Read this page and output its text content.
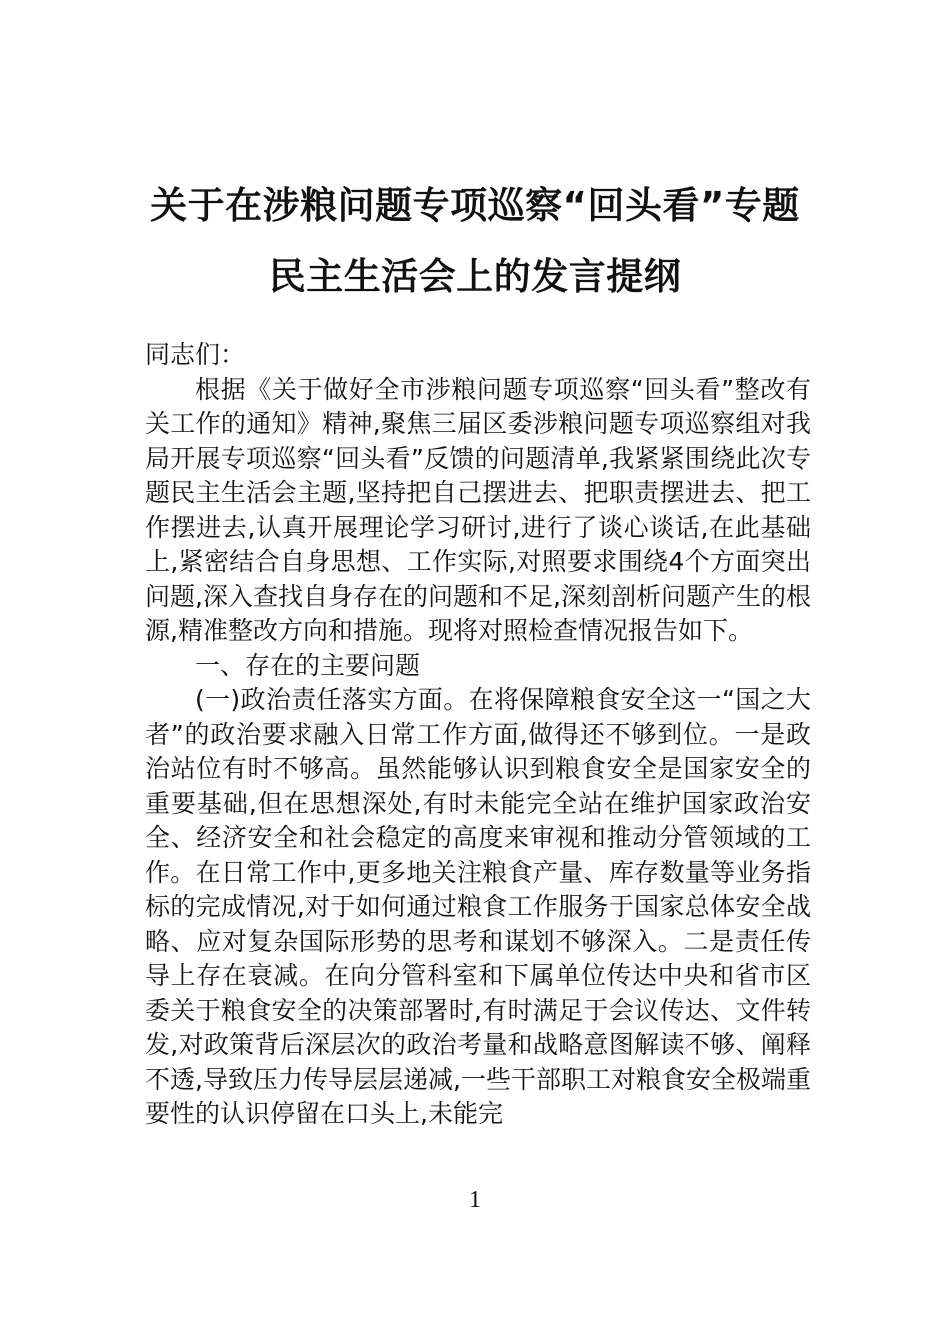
关于在涉粮问题专项巡察“回头看”专题
民主生活会上的发言提纲

同志们：

根据《关于做好全市涉粮问题专项巡察“回头看”整改有关工作的通知》精神,聚焦三届区委涉粮问题专项巡察组对我局开展专项巡察“回头看”反馈的问题清单,我紧紧围绕此次专题民主生活会主题,坚持把自己摆进去、把职责摆进去、把工作摆进去,认真开展理论学习研讨,进行了谈心谈话,在此基础上,紧密结合自身思想、工作实际,对照要求围绕4个方面突出问题,深入查找自身存在的问题和不足,深刻剖析问题产生的根源,精准整改方向和措施。现将对照检查情况报告如下。

一、存在的主要问题

(一)政治责任落实方面。在将保障粮食安全这一“国之大者”的政治要求融入日常工作方面,做得还不够到位。一是政治站位有时不够高。虽然能够认识到粮食安全是国家安全的重要基础,但在思想深处,有时未能完全站在维护国家政治安全、经济安全和社会稳定的高度来审视和推动分管领域的工作。在日常工作中,更多地关注粮食产量、库存数量等业务指标的完成情况,对于如何通过粮食工作服务于国家总体安全战略、应对复杂国际形势的思考和谋划不够深入。二是责任传导上存在衰减。在向分管科室和下属单位传达中央和省市区委关于粮食安全的决策部署时,有时满足于会议传达、文件转发,对政策背后深层次的政治考量和战略意图解读不够、阐释不透,导致压力传导层层递减,一些干部职工对粮食安全极端重要性的认识停留在口头上,未能完

1
